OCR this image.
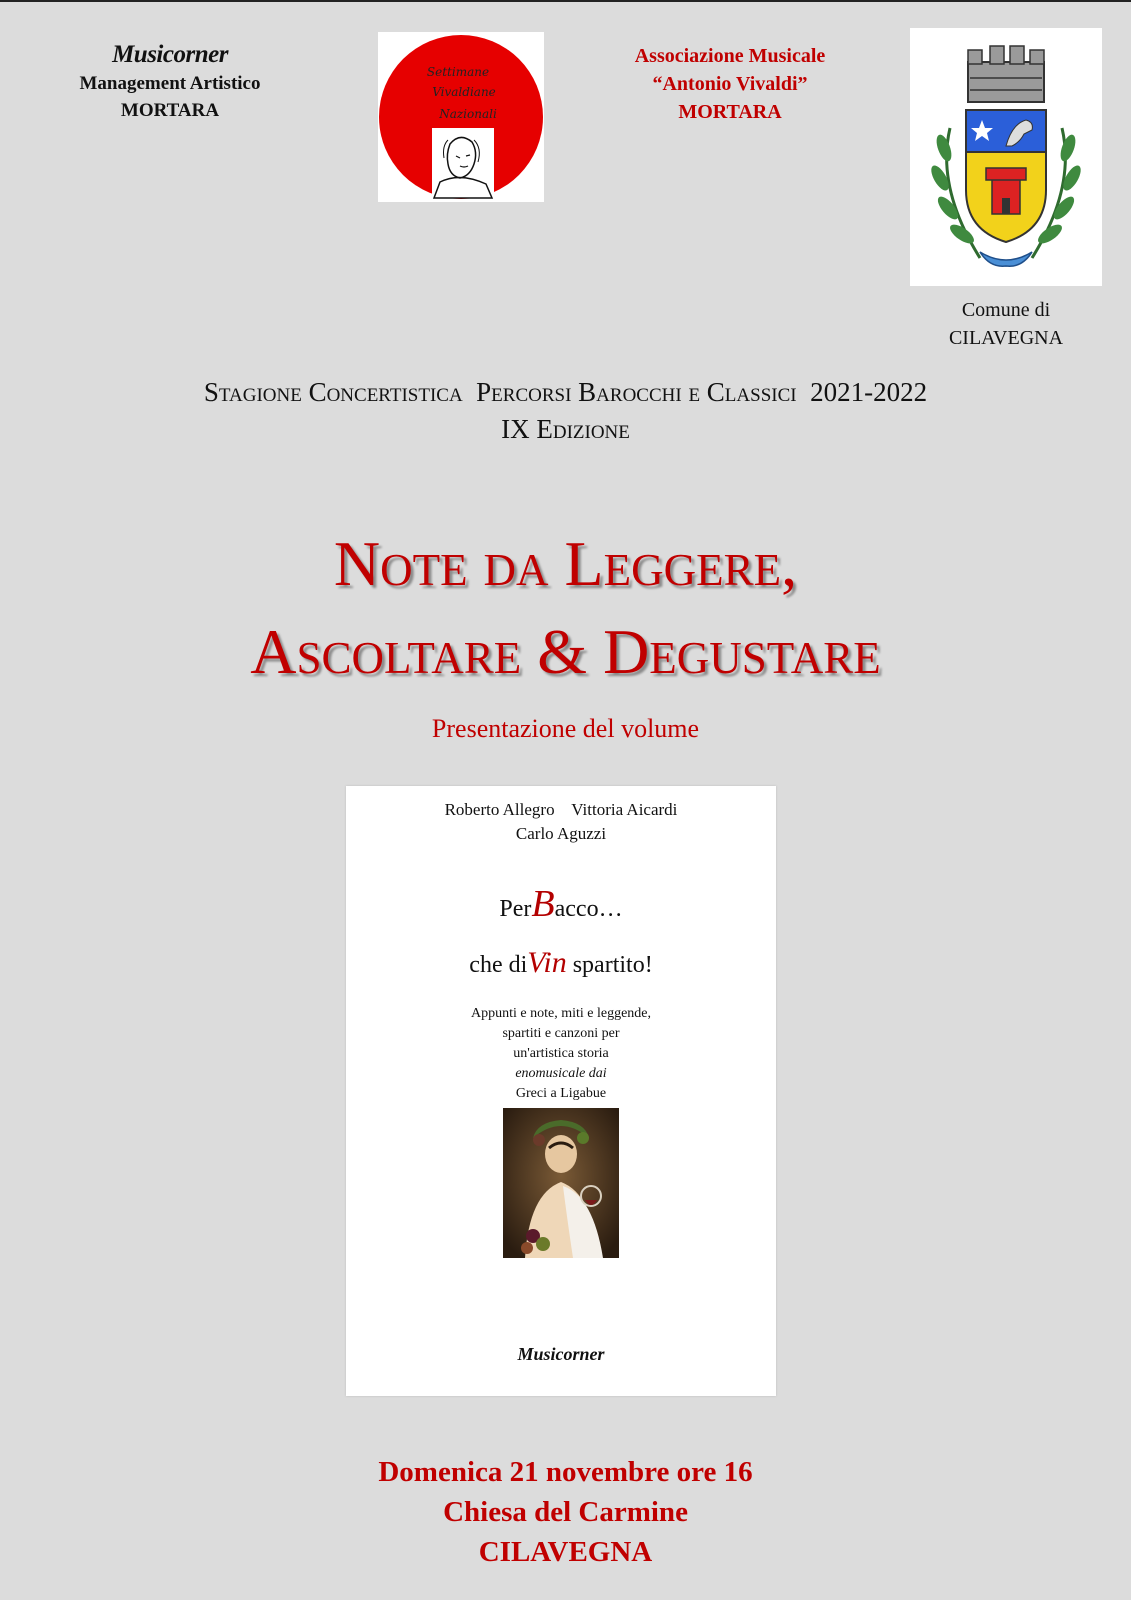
Musicorner
Management Artistico
MORTARA
Settimane
Vivaldiane
Nazionali
Associazione Musicale
“Antonio Vivaldi”
MORTARA
Comune di
CILAVEGNA
Stagione Concertistica  Percorsi Barocchi e Classici  2021-2022
IX Edizione
Note da Leggere,
Ascoltare & Degustare
Presentazione del volume
Roberto Allegro    Vittoria Aicardi
Carlo Aguzzi
PerBacco…
che diVin spartito!
Appunti e note, miti e leggende,
spartiti e canzoni per
un'artistica storia
enomusicale dai
Greci a Ligabue
Musicorner
Domenica 21 novembre ore 16
Chiesa del Carmine
CILAVEGNA
